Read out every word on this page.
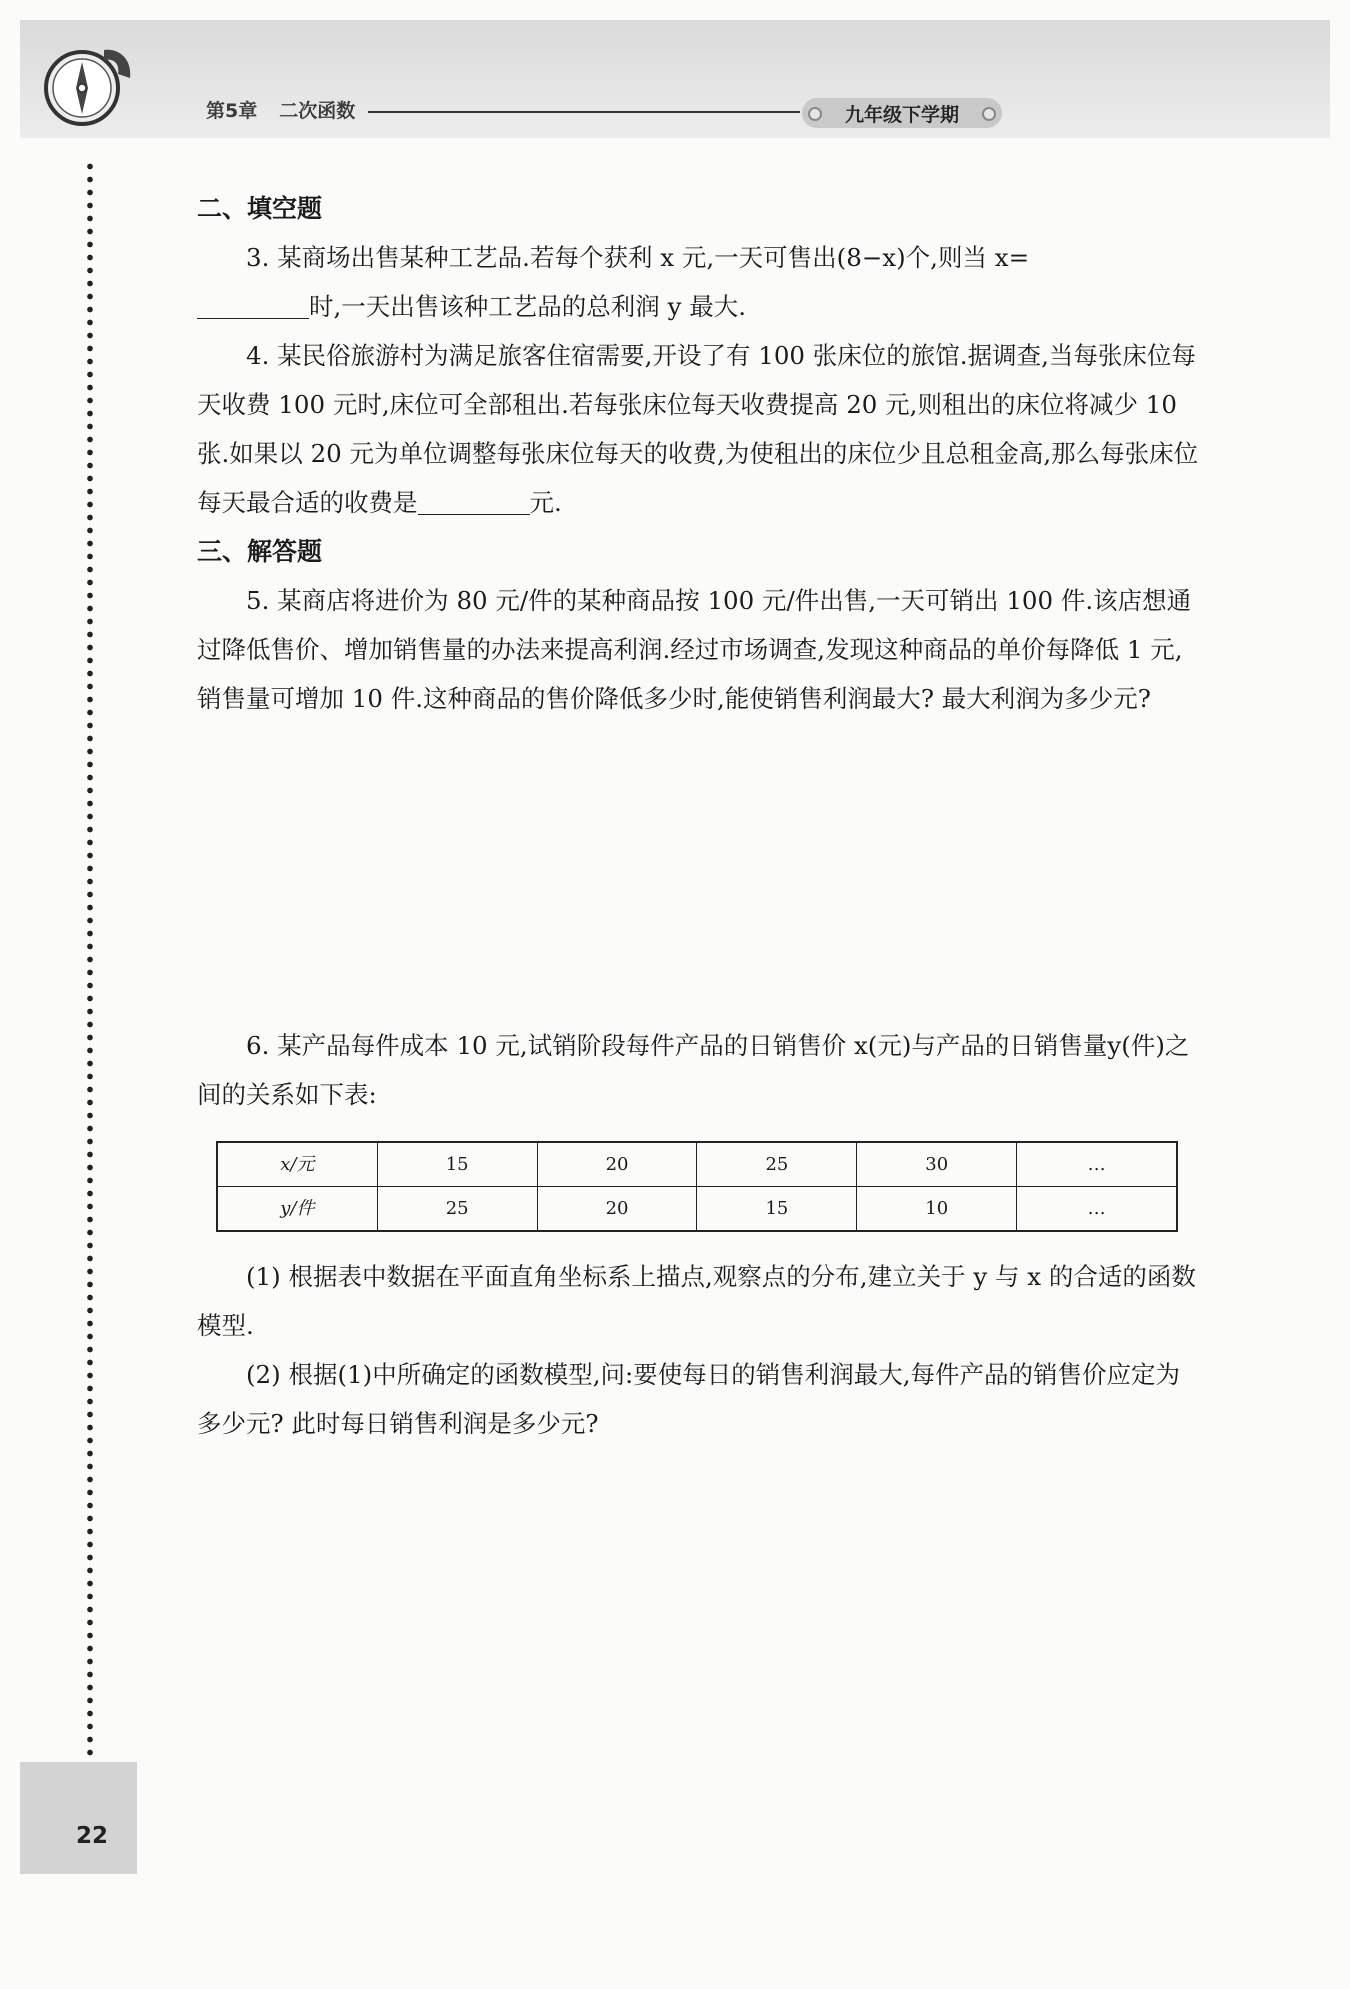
第5章 二次函数	九年级下学期

二、填空题

3. 某商场出售某种工艺品.若每个获利 x 元,一天可售出(8−x)个,则当 x=

时,一天出售该种工艺品的总利润 y 最大.

4. 某民俗旅游村为满足旅客住宿需要,开设了有 100 张床位的旅馆.据调查,当每张床位每天收费 100 元时,床位可全部租出.若每张床位每天收费提高 20 元,则租出的床位将减少 10 张.如果以 20 元为单位调整每张床位每天的收费,为使租出的床位少且总租金高,那么每张床位每天最合适的收费是	元.

三、解答题

5. 某商店将进价为 80 元/件的某种商品按 100 元/件出售,一天可销出 100 件.该店想通过降低售价、增加销售量的办法来提高利润.经过市场调查,发现这种商品的单价每降低 1 元,销售量可增加 10 件.这种商品的售价降低多少时,能使销售利润最大? 最大利润为多少元?

6. 某产品每件成本 10 元,试销阶段每件产品的日销售价 x(元)与产品的日销售量y(件)之间的关系如下表:

x/元	15	20	25	30	…
y/件	25	20	15	10	…

(1) 根据表中数据在平面直角坐标系上描点,观察点的分布,建立关于 y 与 x 的合适的函数模型.

(2) 根据(1)中所确定的函数模型,问:要使每日的销售利润最大,每件产品的销售价应定为多少元? 此时每日销售利润是多少元?

22
